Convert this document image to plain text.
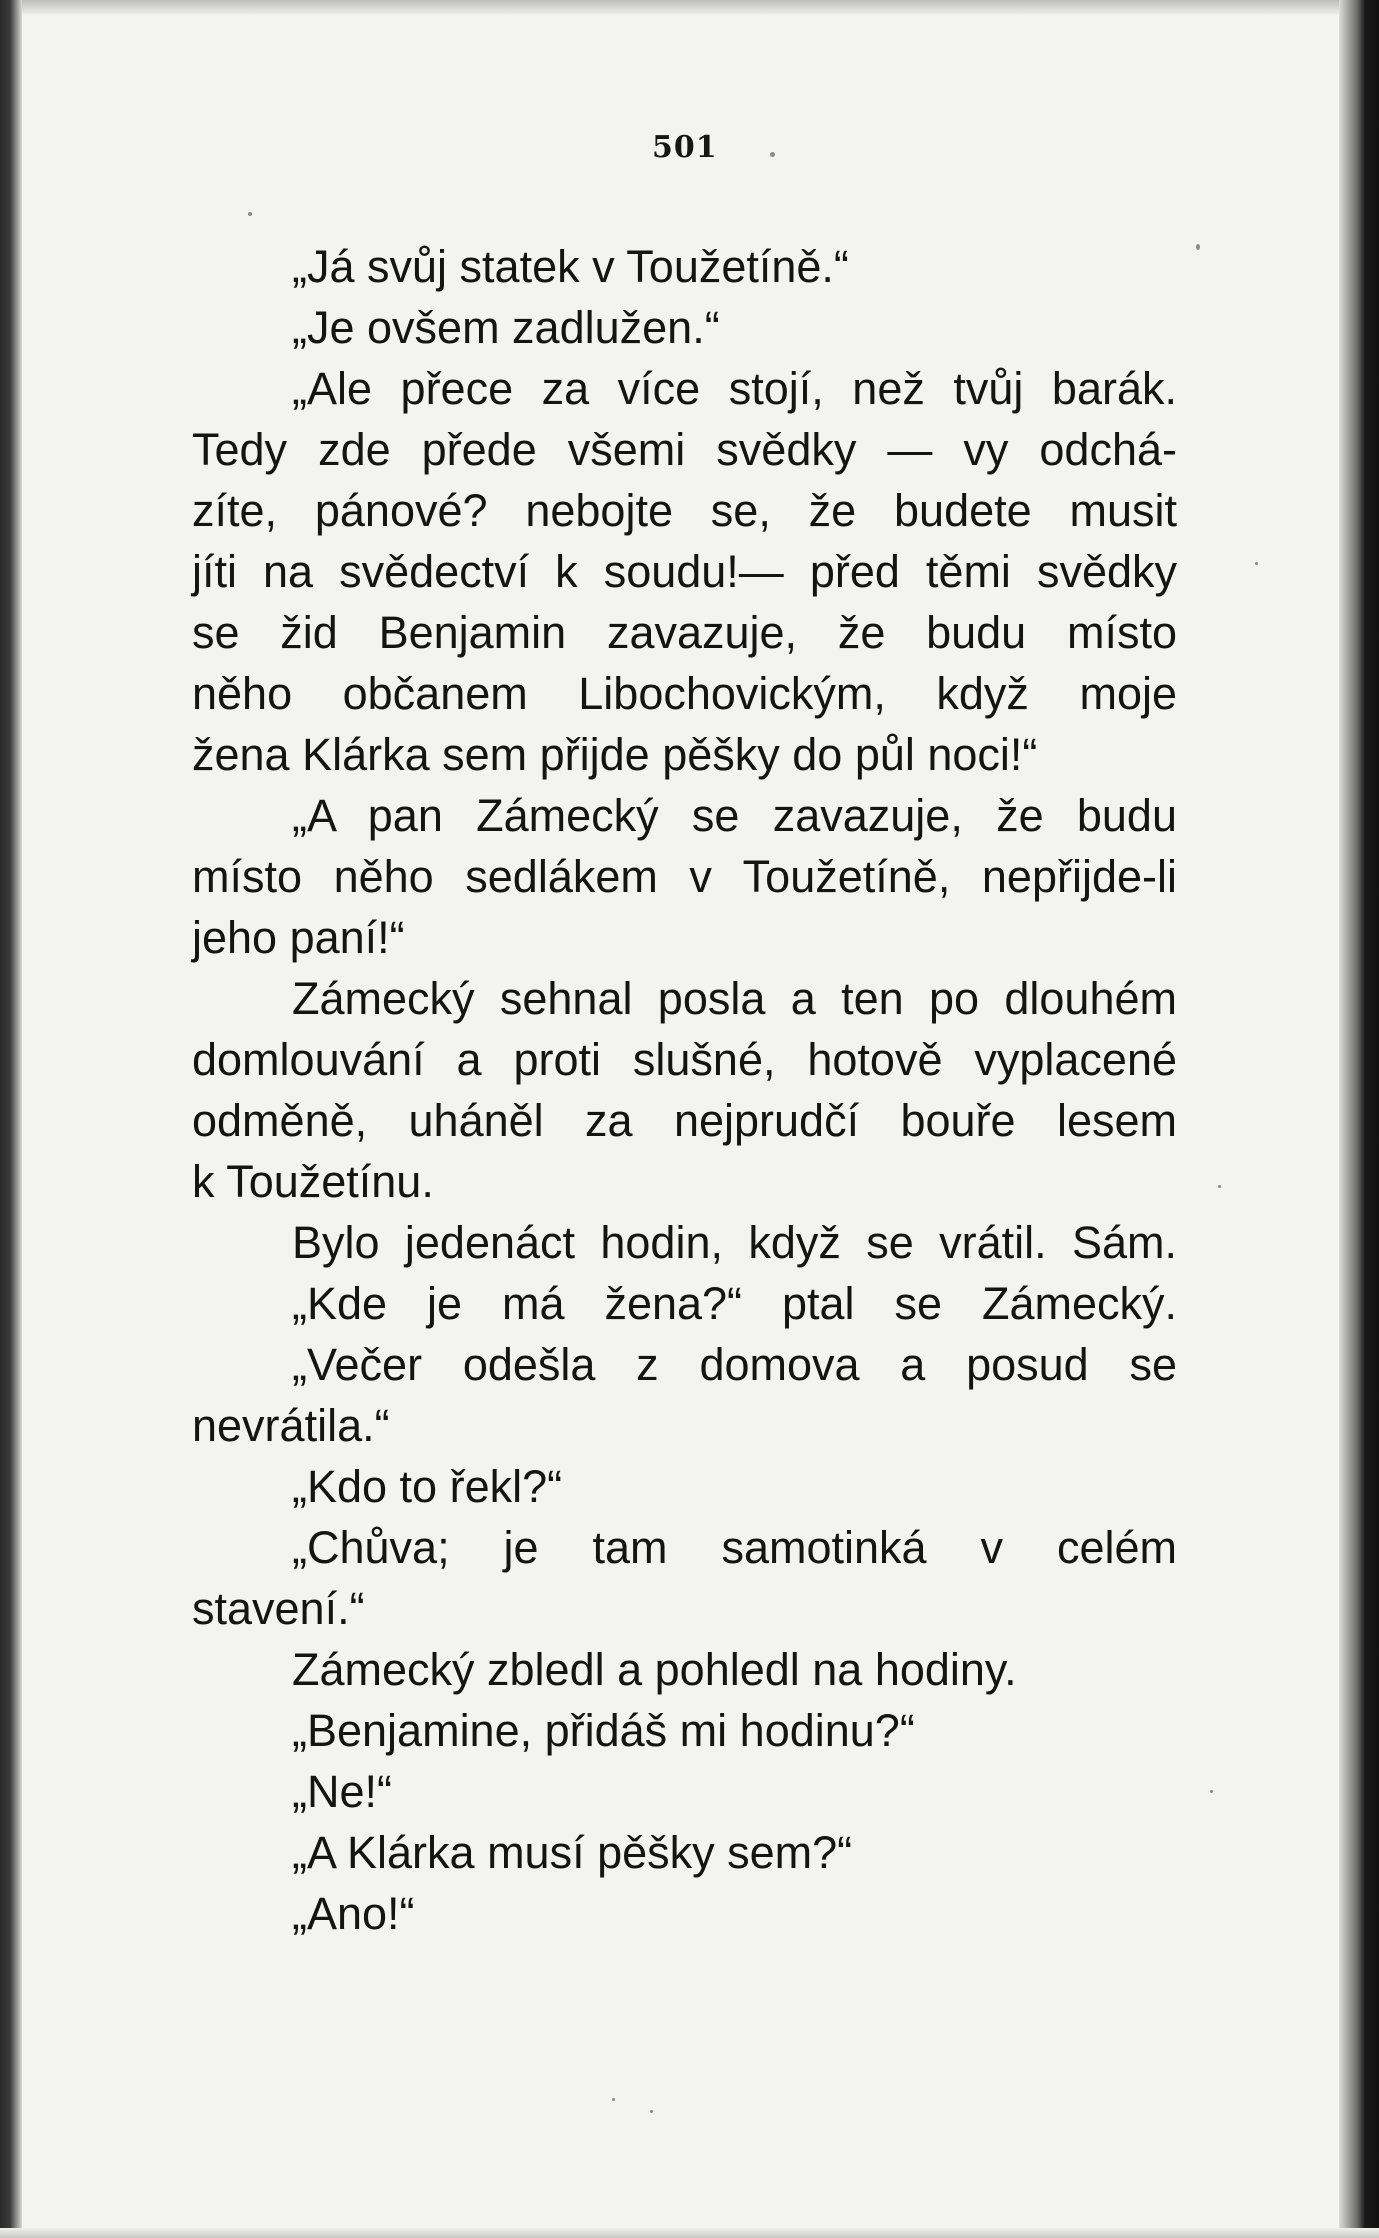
501
„Já svůj statek v Toužetíně.“
„Je ovšem zadlužen.“
„Ale přece za více stojí, než tvůj barák.
Tedy zde přede všemi svědky — vy odchá-
zíte, pánové? nebojte se, že budete musit
jíti na svědectví k soudu!— před těmi svědky
se žid Benjamin zavazuje, že budu místo
něho občanem Libochovickým, když moje
žena Klárka sem přijde pěšky do půl noci!“
„A pan Zámecký se zavazuje, že budu
místo něho sedlákem v Toužetíně, nepřijde-li
jeho paní!“
Zámecký sehnal posla a ten po dlouhém
domlouvání a proti slušné, hotově vyplacené
odměně, uháněl za nejprudčí bouře lesem
k Toužetínu.
Bylo jedenáct hodin, když se vrátil. Sám.
„Kde je má žena?“ ptal se Zámecký.
„Večer odešla z domova a posud se
nevrátila.“
„Kdo to řekl?“
„Chůva; je tam samotinká v celém
stavení.“
Zámecký zbledl a pohledl na hodiny.
„Benjamine, přidáš mi hodinu?“
„Ne!“
„A Klárka musí pěšky sem?“
„Ano!“
